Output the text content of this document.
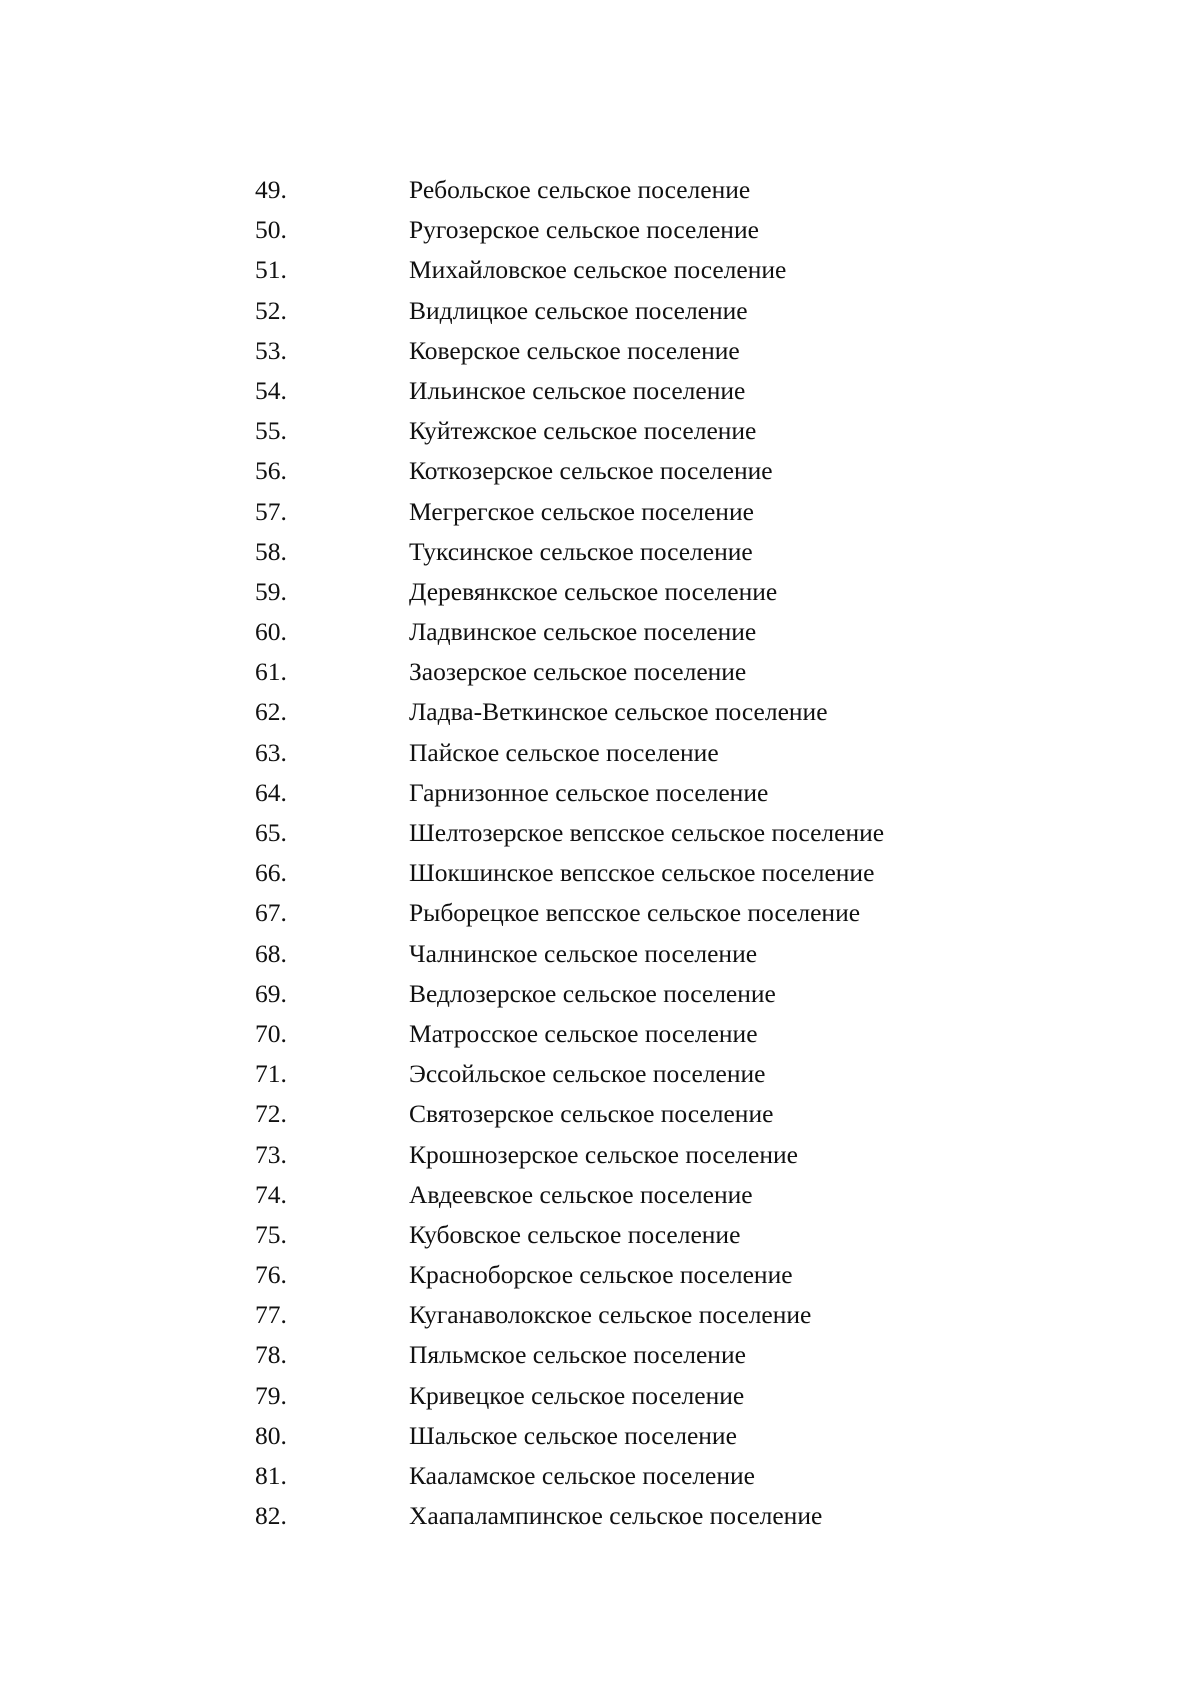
49.	Ребольское сельское поселение
50.	Ругозерское сельское поселение
51.	Михайловское сельское поселение
52.	Видлицкое сельское поселение
53.	Коверское сельское поселение
54.	Ильинское сельское поселение
55.	Куйтежское сельское поселение
56.	Коткозерское сельское поселение
57.	Мегрегское сельское поселение
58.	Туксинское сельское поселение
59.	Деревянкское сельское поселение
60.	Ладвинское сельское поселение
61.	Заозерское сельское поселение
62.	Ладва-Веткинское сельское поселение
63.	Пайское сельское поселение
64.	Гарнизонное сельское поселение
65.	Шелтозерское вепсское сельское поселение
66.	Шокшинское вепсское сельское поселение
67.	Рыборецкое вепсское сельское поселение
68.	Чалнинское сельское поселение
69.	Ведлозерское сельское поселение
70.	Матросское сельское поселение
71.	Эссойльское сельское поселение
72.	Святозерское сельское поселение
73.	Крошнозерское сельское поселение
74.	Авдеевское сельское поселение
75.	Кубовское сельское поселение
76.	Красноборское сельское поселение
77.	Куганаволокское сельское поселение
78.	Пяльмское сельское поселение
79.	Кривецкое сельское поселение
80.	Шальское сельское поселение
81.	Кааламское сельское поселение
82.	Хаапалампинское сельское поселение
